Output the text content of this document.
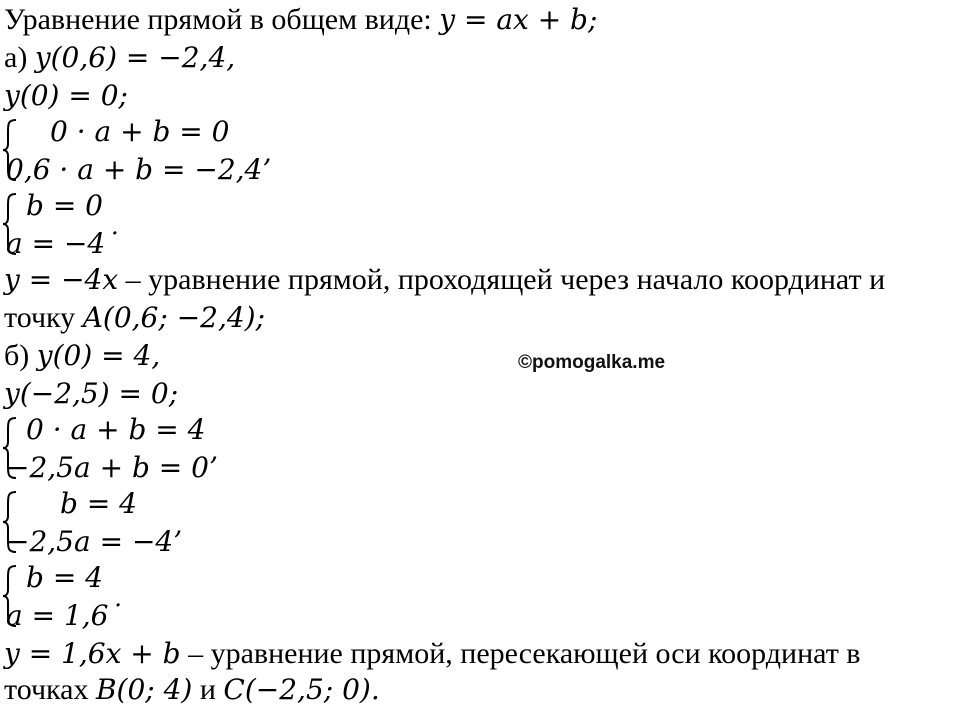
Уравнение прямой в общем виде: y = ax + b;
а) y(0,6) = −2,4,
y(0) = 0;
0 · a + b = 0
0,6 · a + b = −2,4’
b = 0
a = −4˙
y = −4x – уравнение прямой, проходящей через начало координат и
точку A(0,6; −2,4);
б) y(0) = 4,	©pomogalka.me
y(−2,5) = 0;
0 · a + b = 4
−2,5a + b = 0’
b = 4
−2,5a = −4’
b = 4
a = 1,6˙
y = 1,6x + b – уравнение прямой, пересекающей оси координат в
точках B(0; 4) и C(−2,5; 0).
